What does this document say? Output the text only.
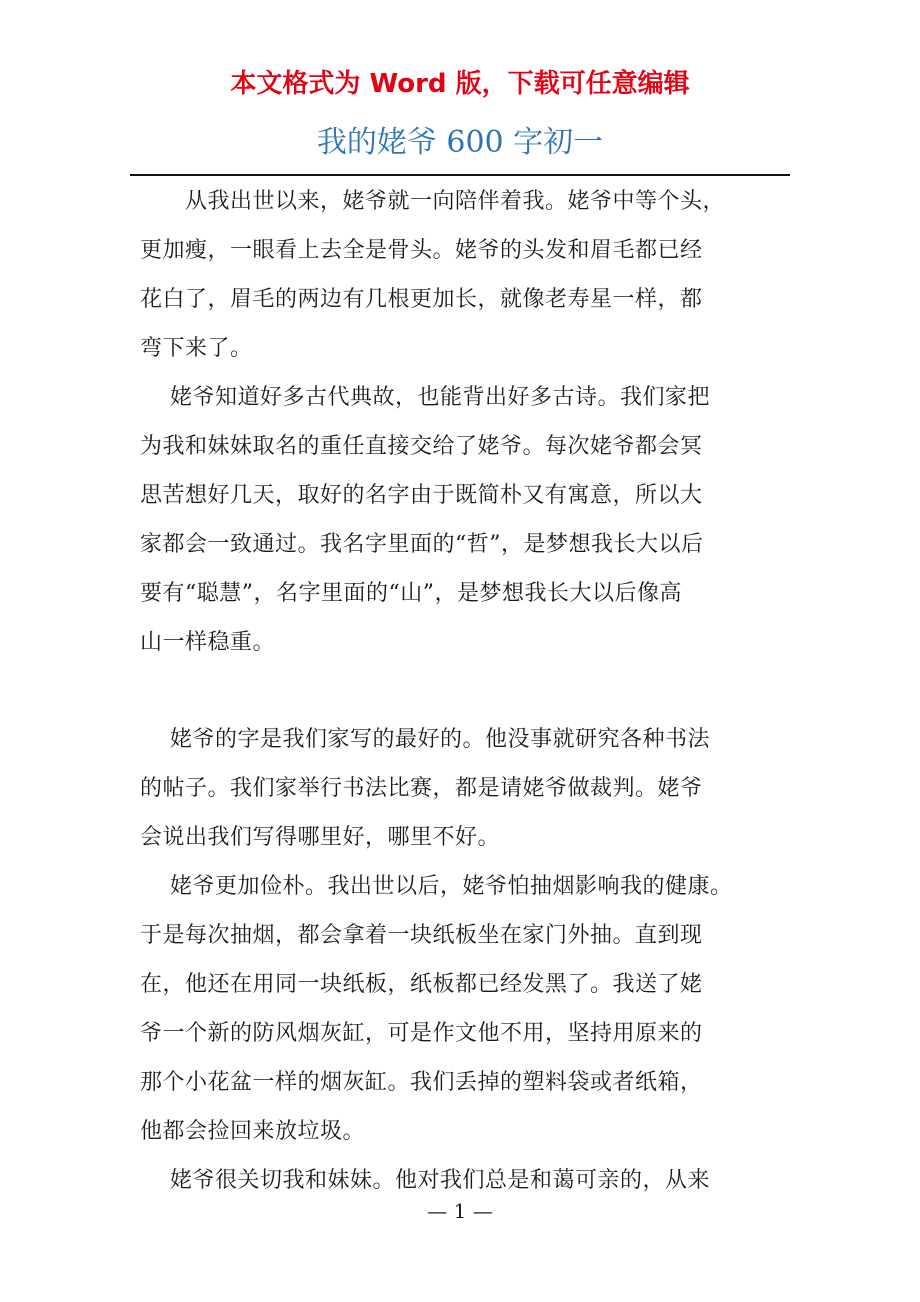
本文格式为 Word 版，下载可任意编辑
我的姥爷 600 字初一
从我出世以来，姥爷就一向陪伴着我。姥爷中等个头，
更加瘦，一眼看上去全是骨头。姥爷的头发和眉毛都已经
花白了，眉毛的两边有几根更加长，就像老寿星一样，都
弯下来了。
姥爷知道好多古代典故，也能背出好多古诗。我们家把
为我和妹妹取名的重任直接交给了姥爷。每次姥爷都会冥
思苦想好几天，取好的名字由于既简朴又有寓意，所以大
家都会一致通过。我名字里面的“哲”，是梦想我长大以后
要有“聪慧”，名字里面的“山”，是梦想我长大以后像高
山一样稳重。
姥爷的字是我们家写的最好的。他没事就研究各种书法
的帖子。我们家举行书法比赛，都是请姥爷做裁判。姥爷
会说出我们写得哪里好，哪里不好。
姥爷更加俭朴。我出世以后，姥爷怕抽烟影响我的健康。
于是每次抽烟，都会拿着一块纸板坐在家门外抽。直到现
在，他还在用同一块纸板，纸板都已经发黑了。我送了姥
爷一个新的防风烟灰缸，可是作文他不用，坚持用原来的
那个小花盆一样的烟灰缸。我们丢掉的塑料袋或者纸箱，
他都会捡回来放垃圾。
姥爷很关切我和妹妹。他对我们总是和蔼可亲的，从来
— 1 —
